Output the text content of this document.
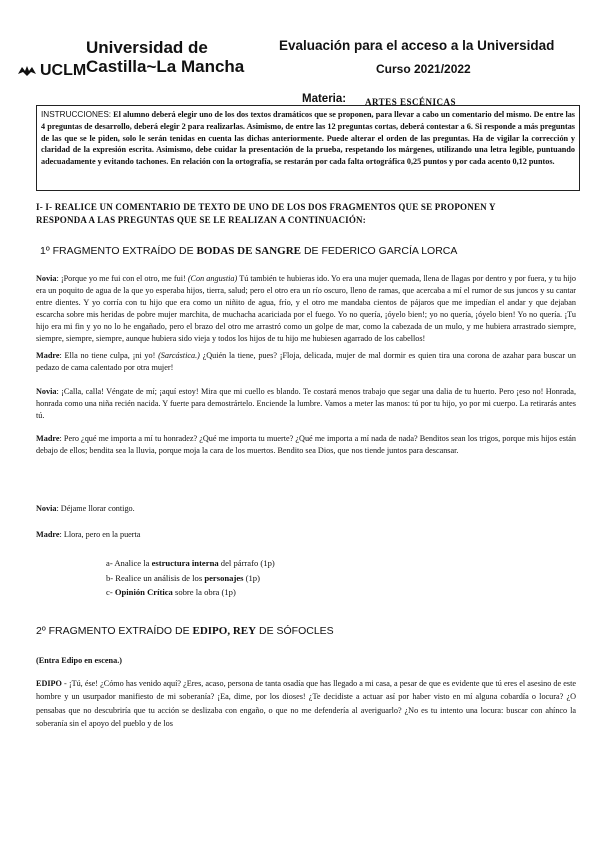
Universidad de
Castilla~La Mancha
UCLM
Evaluación para el acceso a la Universidad
Curso 2021/2022
Materia: ARTES ESCÉNICAS
INSTRUCCIONES: El alumno deberá elegir uno de los dos textos dramáticos que se proponen, para llevar a cabo un comentario del mismo. De entre las 4 preguntas de desarrollo, deberá elegir 2 para realizarlas. Asimismo, de entre las 12 preguntas cortas, deberá contestar a 6. Si responde a más preguntas de las que se le piden, solo le serán tenidas en cuenta las dichas anteriormente. Puede alterar el orden de las preguntas. Ha de vigilar la corrección y claridad de la expresión escrita. Asimismo, debe cuidar la presentación de la prueba, respetando los márgenes, utilizando una letra legible, puntuando adecuadamente y evitando tachones. En relación con la ortografía, se restarán por cada falta ortográfica 0,25 puntos y por cada acento 0,12 puntos.
I- I- REALICE UN COMENTARIO DE TEXTO DE UNO DE LOS DOS FRAGMENTOS QUE SE PROPONEN Y
RESPONDA A LAS PREGUNTAS QUE SE LE REALIZAN A CONTINUACIÓN:
1º FRAGMENTO EXTRAÍDO DE BODAS DE SANGRE DE FEDERICO GARCÍA LORCA
Novia: ¡Porque yo me fui con el otro, me fui! (Con angustia) Tú también te hubieras ido. Yo era una mujer quemada, llena de llagas por dentro y por fuera, y tu hijo era un poquito de agua de la que yo esperaba hijos, tierra, salud; pero el otro era un río oscuro, lleno de ramas, que acercaba a mí el rumor de sus juncos y su cantar entre dientes. Y yo corría con tu hijo que era como un niñito de agua, frío, y el otro me mandaba cientos de pájaros que me impedían el andar y que dejaban escarcha sobre mis heridas de pobre mujer marchita, de muchacha acariciada por el fuego. Yo no quería, ¡óyelo bien!; yo no quería, ¡óyelo bien! Yo no quería. ¡Tu hijo era mi fin y yo no lo he engañado, pero el brazo del otro me arrastró como un golpe de mar, como la cabezada de un mulo, y me hubiera arrastrado siempre, siempre, siempre, siempre, aunque hubiera sido vieja y todos los hijos de tu hijo me hubiesen agarrado de los cabellos!
Madre: Ella no tiene culpa, ¡ni yo! (Sarcástica.) ¿Quién la tiene, pues? ¡Floja, delicada, mujer de mal dormir es quien tira una corona de azahar para buscar un pedazo de cama calentado por otra mujer!
Novia: ¡Calla, calla! Véngate de mí; ¡aquí estoy! Mira que mi cuello es blando. Te costará menos trabajo que segar una dalia de tu huerto. Pero ¡eso no! Honrada, honrada como una niña recién nacida. Y fuerte para demostrártelo. Enciende la lumbre. Vamos a meter las manos: tú por tu hijo, yo por mi cuerpo. La retirarás antes tú.
Madre: Pero ¿qué me importa a mí tu honradez? ¿Qué me importa tu muerte? ¿Qué me importa a mí nada de nada? Benditos sean los trigos, porque mis hijos están debajo de ellos; bendita sea la lluvia, porque moja la cara de los muertos. Bendito sea Dios, que nos tiende juntos para descansar.
Novia: Déjame llorar contigo.
Madre: Llora, pero en la puerta
a- Analice la estructura interna del párrafo (1p)
b- Realice un análisis de los personajes (1p)
c- Opinión Crítica sobre la obra (1p)
2º FRAGMENTO EXTRAÍDO DE EDIPO, REY DE SÓFOCLES
(Entra Edipo en escena.)
EDIPO - ¡Tú, ése! ¿Cómo has venido aquí? ¿Eres, acaso, persona de tanta osadía que has llegado a mi casa, a pesar de que es evidente que tú eres el asesino de este hombre y un usurpador manifiesto de mi soberanía? ¡Ea, dime, por los dioses! ¿Te decidiste a actuar así por haber visto en mí alguna cobardía o locura? ¿O pensabas que no descubriría que tu acción se deslizaba con engaño, o que no me defendería al averiguarlo? ¿No es tu intento una locura: buscar con ahínco la soberanía sin el apoyo del pueblo y de los
